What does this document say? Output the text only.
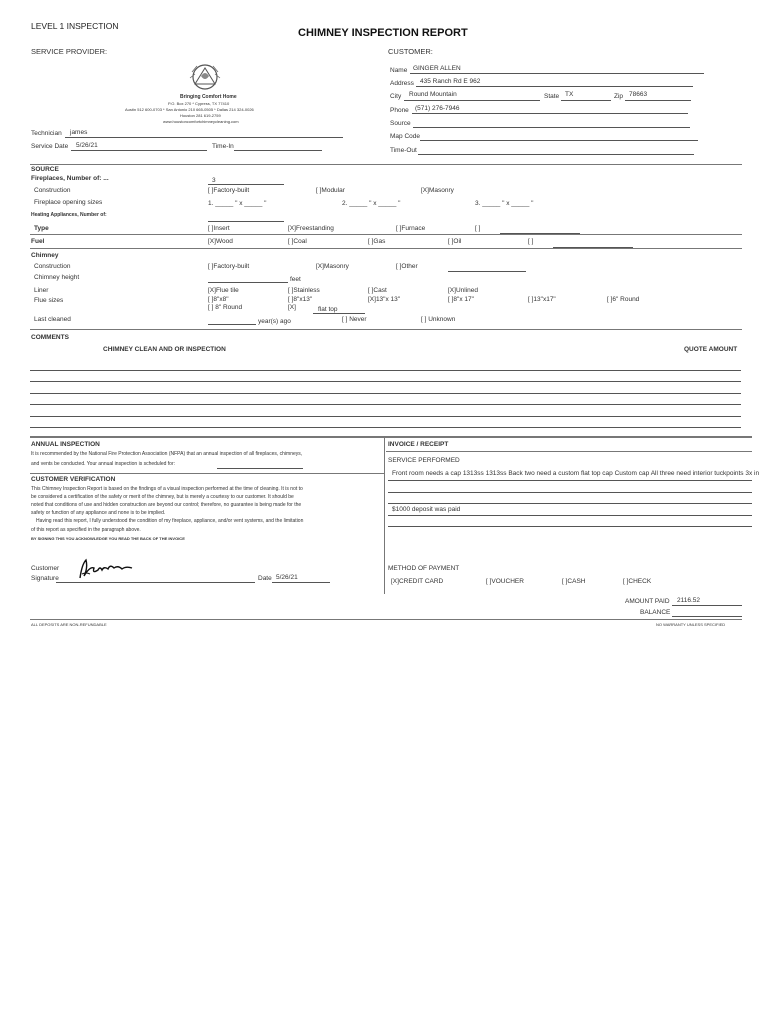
LEVEL 1 INSPECTION
CHIMNEY INSPECTION REPORT
SERVICE PROVIDER:	CUSTOMER:
Bringing Comfort Home
P.O. Box 270 * Cypress, TX 77410
Austin 512 600-0703 * San Antonio 210 665-0505 * Dallas 214 324-0026
Houston 281 619-2759
www.houstoncomfortchimneycleaning.com
Technician james
Service Date 5/26/21	Time-In
Name GINGER ALLEN
Address 435 Ranch Rd E 962
City Round Mountain	State TX	Zip 78663
Phone (571) 276-7946
Source
Map Code
Time-Out
SOURCE
Fireplaces, Number of: ...	3
Construction	[ ]Factory-built	[ ]Modular	[X]Masonry
Fireplace opening sizes	1. _____ " x _____ "	2. _____ " x _____ "	3. _____ " x _____ "
Heating Appliances, Number of:
Type	[ ]Insert	[X]Freestanding	[ ]Furnace	[ ]
Fuel	[X]Wood	[ ]Coal	[ ]Gas	[ ]Oil	[ ]
Chimney
Construction	[ ]Factory-built	[X]Masonry	[ ]Other
Chimney height	feet
Liner	[X]Flue tile	[ ]Stainless	[ ]Cast	[X]Unlined
Flue sizes	[ ]8"x8"	[ ]8"x13"	[X]13"x 13"	[ ]8"x 17"	[ ]13"x17"	[ ]6" Round
[ ] 8" Round	[X]	flat top
Last cleaned	year(s) ago	[ ] Never	[ ] Unknown
COMMENTS
CHIMNEY CLEAN AND OR INSPECTION	QUOTE AMOUNT
ANNUAL INSPECTION
It is recommended by the National Fire Protection Association (NFPA) that an annual inspection of all fireplaces, chimneys,
and vents be conducted. Your annual inspection is scheduled for:
CUSTOMER VERIFICATION
This Chimney Inspection Report is based on the findings of a visual inspection performed at the time of cleaning. It is not to
be considered a certification of the safety or merit of the chimney, but is merely a courtesy to our customer. It should be
noted that conditions of use and hidden construction are beyond our control; therefore, no guarantee is being made for the
safety or function of any appliance and none is to be implied.
Having read this report, I fully understood the condition of my fireplace, appliance, and/or vent systems, and the limitation
of this report as specified in the paragraph above.
BY SIGNING THIS YOU ACKNOWLEDGE YOU READ THE BACK OF THE INVOICE
Customer
Signature	Date 5/26/21
INVOICE / RECEIPT
SERVICE PERFORMED
Front room needs a cap 1313ss 1313ss Back two need a custom flat top cap Custom cap All three need interior tuckpoints 3x in
$1000 deposit was paid
METHOD OF PAYMENT
[X]CREDIT CARD	[ ]VOUCHER	[ ]CASH	[ ]CHECK
AMOUNT PAID 2116.52
BALANCE
ALL DEPOSITS ARE NON-REFUNDABLE	NO WARRANTY UNLESS SPECIFIED
